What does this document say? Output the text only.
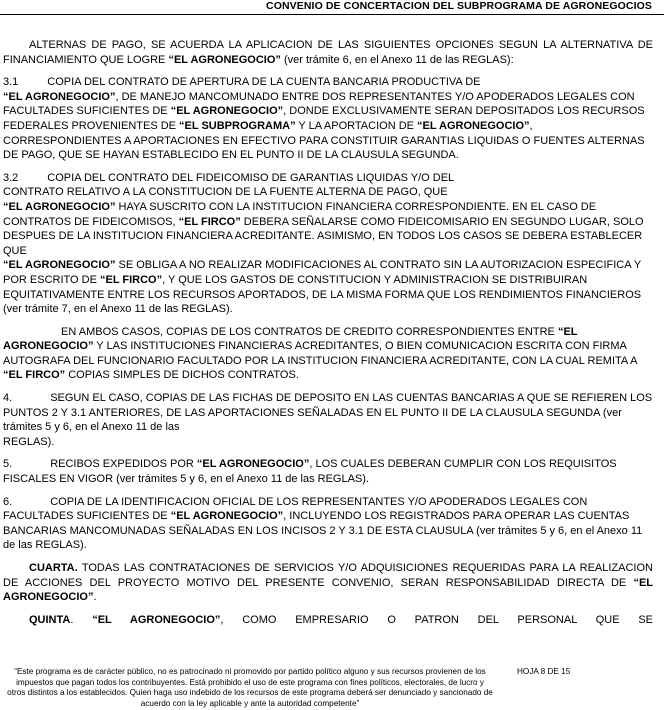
CONVENIO DE CONCERTACION DEL SUBPROGRAMA DE AGRONEGOCIOS

ALTERNAS DE PAGO, SE ACUERDA LA APLICACION DE LAS SIGUIENTES OPCIONES SEGUN LA ALTERNATIVA DE FINANCIAMIENTO QUE LOGRE “EL AGRONEGOCIO” (ver trámite 6, en el Anexo 11 de las REGLAS):

3.1	COPIA DEL CONTRATO DE APERTURA DE LA CUENTA BANCARIA PRODUCTIVA DE
“EL AGRONEGOCIO”, DE MANEJO MANCOMUNADO ENTRE DOS REPRESENTANTES Y/O APODERADOS LEGALES CON FACULTADES SUFICIENTES DE “EL AGRONEGOCIO”, DONDE EXCLUSIVAMENTE SERAN DEPOSITADOS LOS RECURSOS FEDERALES PROVENIENTES DE “EL SUBPROGRAMA” Y LA APORTACION DE “EL AGRONEGOCIO”, CORRESPONDIENTES A APORTACIONES EN EFECTIVO PARA CONSTITUIR GARANTIAS LIQUIDAS O FUENTES ALTERNAS DE PAGO, QUE SE HAYAN ESTABLECIDO EN EL PUNTO II DE LA CLAUSULA SEGUNDA.

3.2	COPIA DEL CONTRATO DEL FIDEICOMISO DE GARANTIAS LIQUIDAS Y/O DEL
CONTRATO RELATIVO A LA CONSTITUCION DE LA FUENTE ALTERNA DE PAGO, QUE
“EL AGRONEGOCIO” HAYA SUSCRITO CON LA INSTITUCION FINANCIERA CORRESPONDIENTE. EN EL CASO DE CONTRATOS DE FIDEICOMISOS, “EL FIRCO” DEBERA SEÑALARSE COMO FIDEICOMISARIO EN SEGUNDO LUGAR, SOLO DESPUES DE LA INSTITUCION FINANCIERA ACREDITANTE. ASIMISMO, EN TODOS LOS CASOS SE DEBERA ESTABLECER QUE
“EL AGRONEGOCIO” SE OBLIGA A NO REALIZAR MODIFICACIONES AL CONTRATO SIN LA AUTORIZACION ESPECIFICA Y POR ESCRITO DE “EL FIRCO”, Y QUE LOS GASTOS DE CONSTITUCION Y ADMINISTRACION SE DISTRIBUIRAN EQUITATIVAMENTE ENTRE LOS RECURSOS APORTADOS, DE LA MISMA FORMA QUE LOS RENDIMIENTOS FINANCIEROS (ver trámite 7, en el Anexo 11 de las REGLAS).

EN AMBOS CASOS, COPIAS DE LOS CONTRATOS DE CREDITO CORRESPONDIENTES ENTRE “EL AGRONEGOCIO” Y LAS INSTITUCIONES FINANCIERAS ACREDITANTES, O BIEN COMUNICACION ESCRITA CON FIRMA AUTOGRAFA DEL FUNCIONARIO FACULTADO POR LA INSTITUCION FINANCIERA ACREDITANTE, CON LA CUAL REMITA A “EL FIRCO” COPIAS SIMPLES DE DICHOS CONTRATOS.

4.	SEGUN EL CASO, COPIAS DE LAS FICHAS DE DEPOSITO EN LAS CUENTAS BANCARIAS A QUE SE REFIEREN LOS PUNTOS 2 Y 3.1 ANTERIORES, DE LAS APORTACIONES SEÑALADAS EN EL PUNTO II DE LA CLAUSULA SEGUNDA (ver trámites 5 y 6, en el Anexo 11 de las
REGLAS).

5.	RECIBOS EXPEDIDOS POR “EL AGRONEGOCIO”, LOS CUALES DEBERAN CUMPLIR CON LOS REQUISITOS FISCALES EN VIGOR (ver trámites 5 y 6, en el Anexo 11 de las REGLAS).

6.	COPIA DE LA IDENTIFICACION OFICIAL DE LOS REPRESENTANTES Y/O APODERADOS LEGALES CON FACULTADES SUFICIENTES DE “EL AGRONEGOCIO”, INCLUYENDO LOS REGISTRADOS PARA OPERAR LAS CUENTAS BANCARIAS MANCOMUNADAS SEÑALADAS EN LOS INCISOS 2 Y 3.1 DE ESTA CLAUSULA (ver trámites 5 y 6, en el Anexo 11 de las REGLAS).

CUARTA. TODAS LAS CONTRATACIONES DE SERVICIOS Y/O ADQUISICIONES REQUERIDAS PARA LA REALIZACION DE ACCIONES DEL PROYECTO MOTIVO DEL PRESENTE CONVENIO, SERAN RESPONSABILIDAD DIRECTA DE “EL AGRONEGOCIO”.

QUINTA. “EL AGRONEGOCIO”, COMO EMPRESARIO O PATRON DEL PERSONAL QUE SE

“Este programa es de carácter público, no es patrocinado ni promovido por partido político alguno y sus recursos provienen de los impuestos que pagan todos los contribuyentes. Está prohibido el uso de este programa con fines políticos, electorales, de lucro y otros distintos a los establecidos. Quien haga uso indebido de los recursos de este programa deberá ser denunciado y sancionado de acuerdo con la ley aplicable y ante la autoridad competente”
HOJA 8 DE 15
